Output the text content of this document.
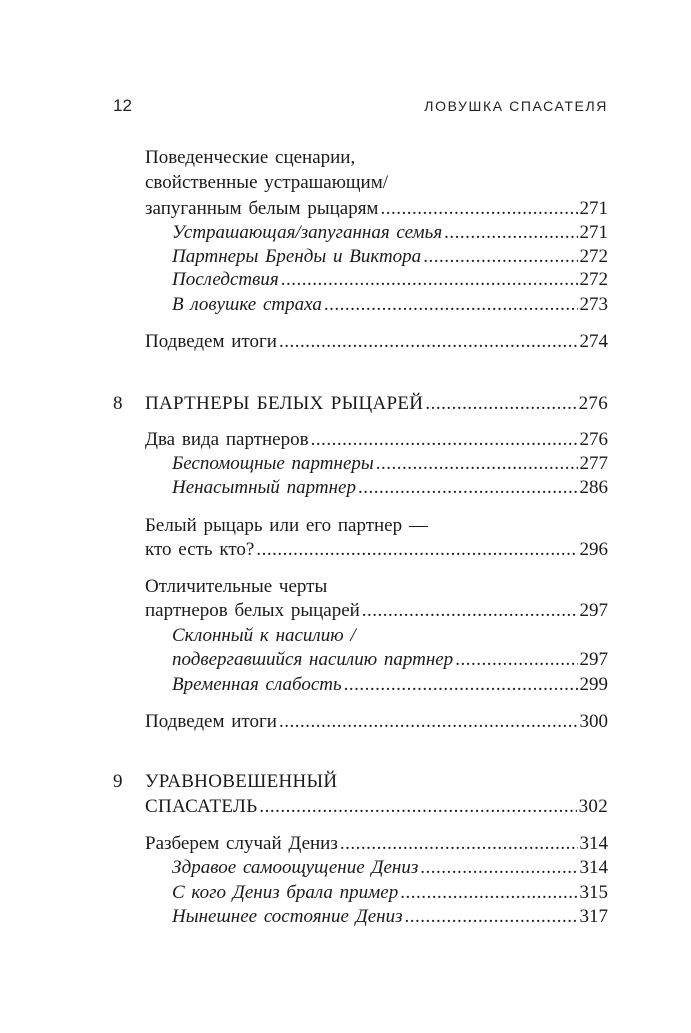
12	ЛОВУШКА СПАСАТЕЛЯ
Поведенческие сценарии,
свойственные устрашающим/
запуганным белым рыцарям .....	271
Устрашающая/запуганная семья .....	271
Партнеры Бренды и Виктора .....	272
Последствия .....	272
В ловушке страха .....	273
Подведем итоги .....	274
8 ПАРТНЕРЫ БЕЛЫХ РЫЦАРЕЙ .....	276
Два вида партнеров .....	276
Беспомощные партнеры .....	277
Ненасытный партнер .....	286
Белый рыцарь или его партнер —
кто есть кто? .....	296
Отличительные черты
партнеров белых рыцарей .....	297
Склонный к насилию /
подвергавшийся насилию партнер .....	297
Временная слабость .....	299
Подведем итоги .....	300
9 УРАВНОВЕШЕННЫЙ
СПАСАТЕЛЬ .....	302
Разберем случай Дениз .....	314
Здравое самоощущение Дениз .....	314
С кого Дениз брала пример .....	315
Нынешнее состояние Дениз .....	317
